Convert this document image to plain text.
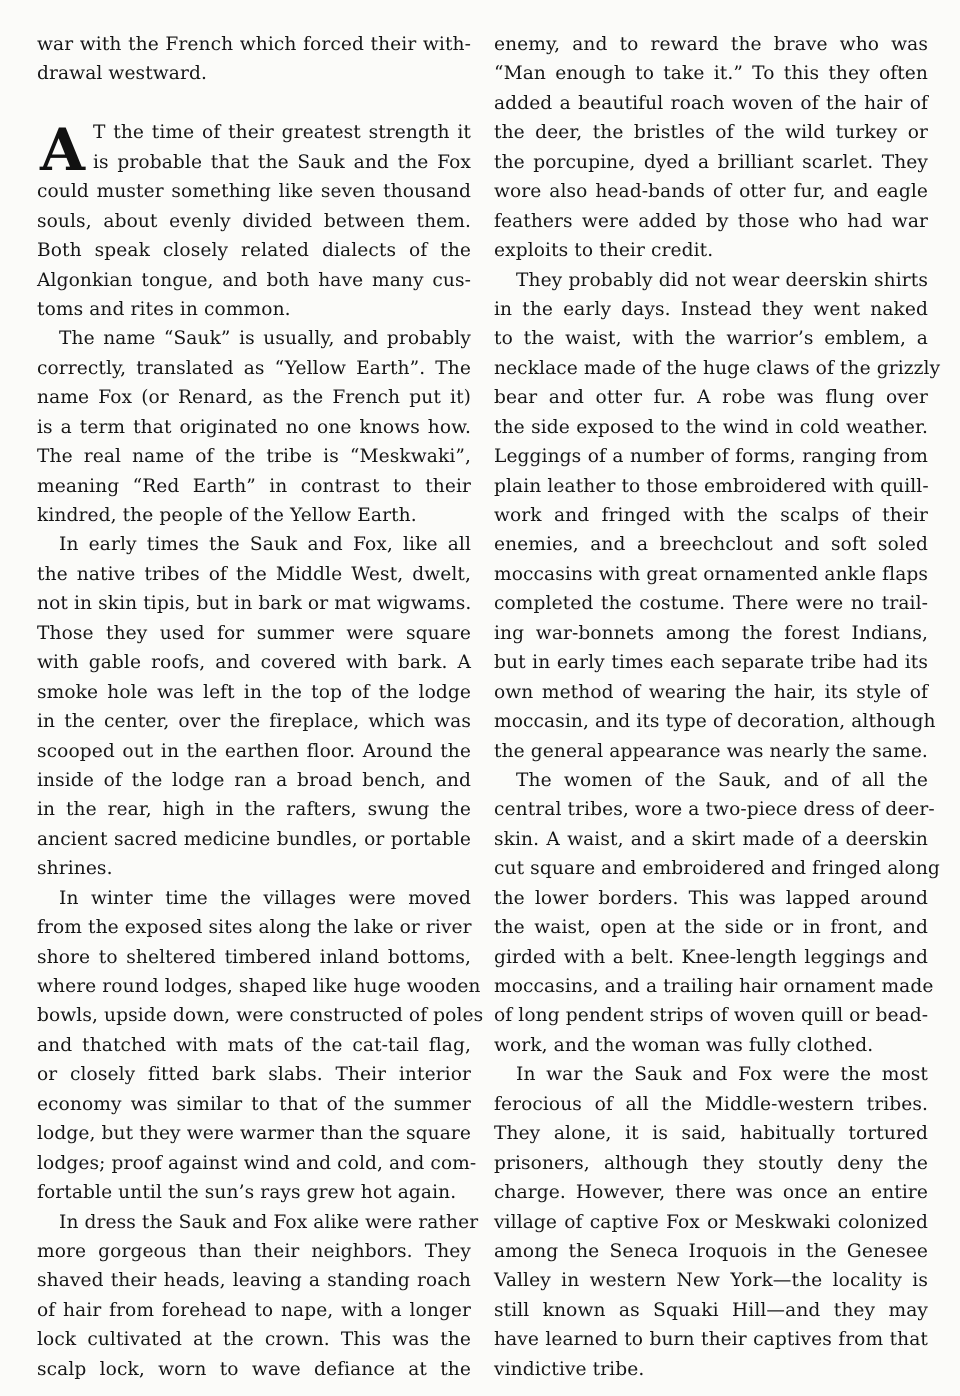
A
war with the French which forced their with-
drawal westward.
T the time of their greatest strength it
is probable that the Sauk and the Fox
could muster something like seven thousand
souls, about evenly divided between them.
Both speak closely related dialects of the
Algonkian tongue, and both have many cus-
toms and rites in common.
The name “Sauk” is usually, and probably
correctly, translated as “Yellow Earth”. The
name Fox (or Renard, as the French put it)
is a term that originated no one knows how.
The real name of the tribe is “Meskwaki”,
meaning “Red Earth” in contrast to their
kindred, the people of the Yellow Earth.
In early times the Sauk and Fox, like all
the native tribes of the Middle West, dwelt,
not in skin tipis, but in bark or mat wigwams.
Those they used for summer were square
with gable roofs, and covered with bark. A
smoke hole was left in the top of the lodge
in the center, over the fireplace, which was
scooped out in the earthen floor. Around the
inside of the lodge ran a broad bench, and
in the rear, high in the rafters, swung the
ancient sacred medicine bundles, or portable
shrines.
In winter time the villages were moved
from the exposed sites along the lake or river
shore to sheltered timbered inland bottoms,
where round lodges, shaped like huge wooden
bowls, upside down, were constructed of poles
and thatched with mats of the cat-tail flag,
or closely fitted bark slabs. Their interior
economy was similar to that of the summer
lodge, but they were warmer than the square
lodges; proof against wind and cold, and com-
fortable until the sun’s rays grew hot again.
In dress the Sauk and Fox alike were rather
more gorgeous than their neighbors. They
shaved their heads, leaving a standing roach
of hair from forehead to nape, with a longer
lock cultivated at the crown. This was the
scalp lock, worn to wave defiance at the
enemy, and to reward the brave who was
“Man enough to take it.” To this they often
added a beautiful roach woven of the hair of
the deer, the bristles of the wild turkey or
the porcupine, dyed a brilliant scarlet. They
wore also head-bands of otter fur, and eagle
feathers were added by those who had war
exploits to their credit.
They probably did not wear deerskin shirts
in the early days. Instead they went naked
to the waist, with the warrior’s emblem, a
necklace made of the huge claws of the grizzly
bear and otter fur. A robe was flung over
the side exposed to the wind in cold weather.
Leggings of a number of forms, ranging from
plain leather to those embroidered with quill-
work and fringed with the scalps of their
enemies, and a breechclout and soft soled
moccasins with great ornamented ankle flaps
completed the costume. There were no trail-
ing war-bonnets among the forest Indians,
but in early times each separate tribe had its
own method of wearing the hair, its style of
moccasin, and its type of decoration, although
the general appearance was nearly the same.
The women of the Sauk, and of all the
central tribes, wore a two-piece dress of deer-
skin. A waist, and a skirt made of a deerskin
cut square and embroidered and fringed along
the lower borders. This was lapped around
the waist, open at the side or in front, and
girded with a belt. Knee-length leggings and
moccasins, and a trailing hair ornament made
of long pendent strips of woven quill or bead-
work, and the woman was fully clothed.
In war the Sauk and Fox were the most
ferocious of all the Middle-western tribes.
They alone, it is said, habitually tortured
prisoners, although they stoutly deny the
charge. However, there was once an entire
village of captive Fox or Meskwaki colonized
among the Seneca Iroquois in the Genesee
Valley in western New York—the locality is
still known as Squaki Hill—and they may
have learned to burn their captives from that
vindictive tribe.
